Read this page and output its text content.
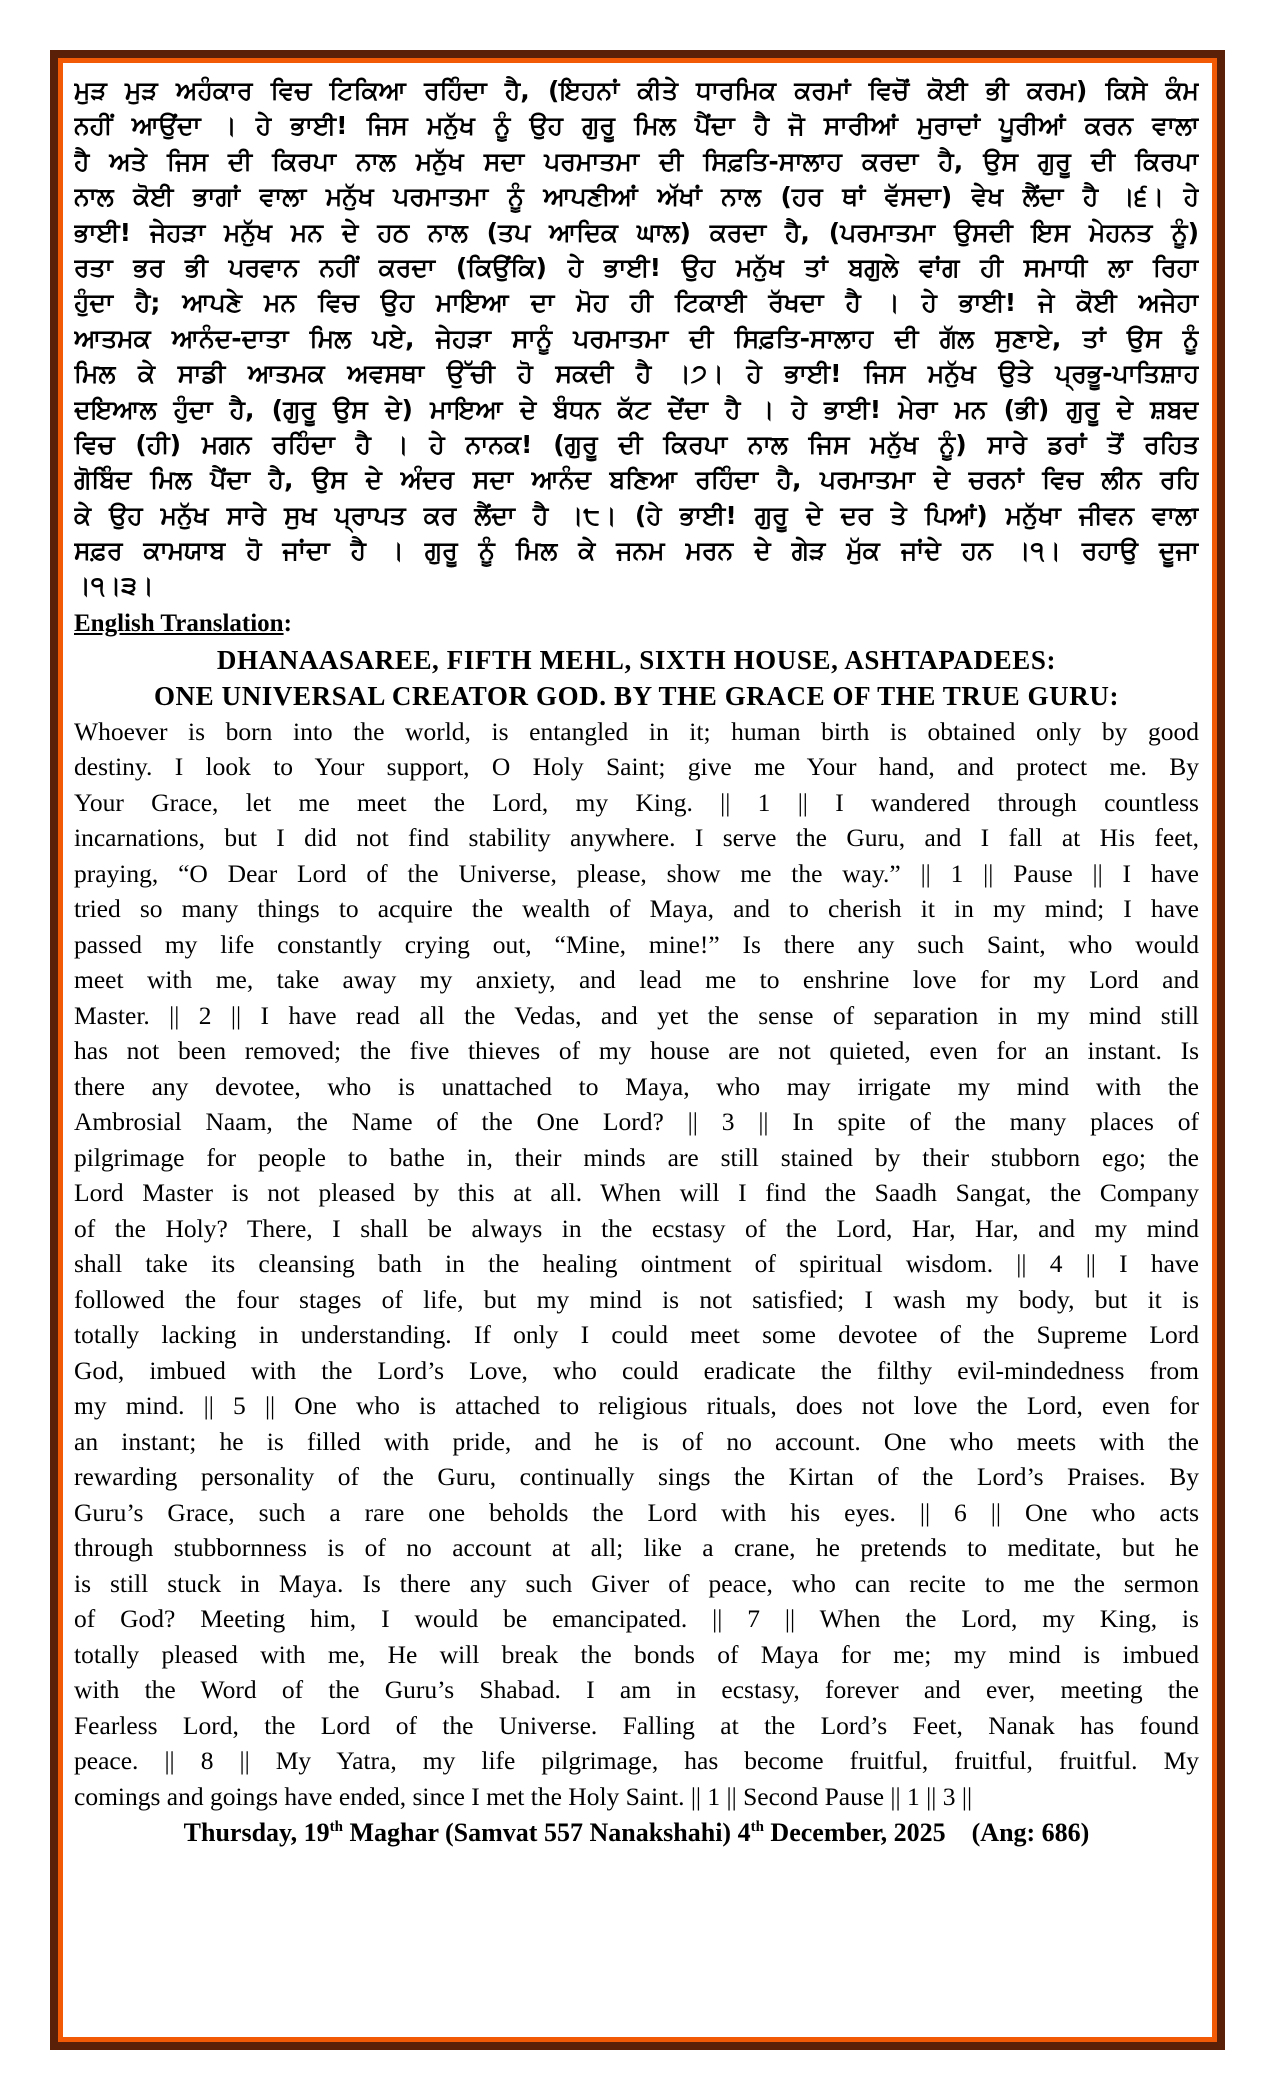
ਮੁੜ ਮੁੜ ਅਹੰਕਾਰ ਵਿਚ ਟਿਕਿਆ ਰਹਿੰਦਾ ਹੈ, (ਇਹਨਾਂ ਕੀਤੇ ਧਾਰਮਿਕ ਕਰਮਾਂ ਵਿਚੋਂ ਕੋਈ ਭੀ ਕਰਮ) ਕਿਸੇ ਕੰਮ
ਨਹੀਂ ਆਉਂਦਾ । ਹੇ ਭਾਈ! ਜਿਸ ਮਨੁੱਖ ਨੂੰ ਉਹ ਗੁਰੂ ਮਿਲ ਪੈਂਦਾ ਹੈ ਜੋ ਸਾਰੀਆਂ ਮੁਰਾਦਾਂ ਪੂਰੀਆਂ ਕਰਨ ਵਾਲਾ
ਹੈ ਅਤੇ ਜਿਸ ਦੀ ਕਿਰਪਾ ਨਾਲ ਮਨੁੱਖ ਸਦਾ ਪਰਮਾਤਮਾ ਦੀ ਸਿਫ਼ਤਿ-ਸਾਲਾਹ ਕਰਦਾ ਹੈ, ਉਸ ਗੁਰੂ ਦੀ ਕਿਰਪਾ
ਨਾਲ ਕੋਈ ਭਾਗਾਂ ਵਾਲਾ ਮਨੁੱਖ ਪਰਮਾਤਮਾ ਨੂੰ ਆਪਣੀਆਂ ਅੱਖਾਂ ਨਾਲ (ਹਰ ਥਾਂ ਵੱਸਦਾ) ਵੇਖ ਲੈਂਦਾ ਹੈ ।੬। ਹੇ
ਭਾਈ! ਜੇਹੜਾ ਮਨੁੱਖ ਮਨ ਦੇ ਹਠ ਨਾਲ (ਤਪ ਆਦਿਕ ਘਾਲ) ਕਰਦਾ ਹੈ, (ਪਰਮਾਤਮਾ ਉਸਦੀ ਇਸ ਮੇਹਨਤ ਨੂੰ)
ਰਤਾ ਭਰ ਭੀ ਪਰਵਾਨ ਨਹੀਂ ਕਰਦਾ (ਕਿਉਂਕਿ) ਹੇ ਭਾਈ! ਉਹ ਮਨੁੱਖ ਤਾਂ ਬਗੁਲੇ ਵਾਂਗ ਹੀ ਸਮਾਧੀ ਲਾ ਰਿਹਾ
ਹੁੰਦਾ ਹੈ; ਆਪਣੇ ਮਨ ਵਿਚ ਉਹ ਮਾਇਆ ਦਾ ਮੋਹ ਹੀ ਟਿਕਾਈ ਰੱਖਦਾ ਹੈ । ਹੇ ਭਾਈ! ਜੇ ਕੋਈ ਅਜੇਹਾ
ਆਤਮਕ ਆਨੰਦ-ਦਾਤਾ ਮਿਲ ਪਏ, ਜੇਹੜਾ ਸਾਨੂੰ ਪਰਮਾਤਮਾ ਦੀ ਸਿਫ਼ਤਿ-ਸਾਲਾਹ ਦੀ ਗੱਲ ਸੁਣਾਏ, ਤਾਂ ਉਸ ਨੂੰ
ਮਿਲ ਕੇ ਸਾਡੀ ਆਤਮਕ ਅਵਸਥਾ ਉੱਚੀ ਹੋ ਸਕਦੀ ਹੈ ।੭। ਹੇ ਭਾਈ! ਜਿਸ ਮਨੁੱਖ ਉਤੇ ਪ੍ਰਭੂ-ਪਾਤਿਸ਼ਾਹ
ਦਇਆਲ ਹੁੰਦਾ ਹੈ, (ਗੁਰੂ ਉਸ ਦੇ) ਮਾਇਆ ਦੇ ਬੰਧਨ ਕੱਟ ਦੇਂਦਾ ਹੈ । ਹੇ ਭਾਈ! ਮੇਰਾ ਮਨ (ਭੀ) ਗੁਰੂ ਦੇ ਸ਼ਬਦ
ਵਿਚ (ਹੀ) ਮਗਨ ਰਹਿੰਦਾ ਹੈ । ਹੇ ਨਾਨਕ! (ਗੁਰੂ ਦੀ ਕਿਰਪਾ ਨਾਲ ਜਿਸ ਮਨੁੱਖ ਨੂੰ) ਸਾਰੇ ਡਰਾਂ ਤੋਂ ਰਹਿਤ
ਗੋਬਿੰਦ ਮਿਲ ਪੈਂਦਾ ਹੈ, ਉਸ ਦੇ ਅੰਦਰ ਸਦਾ ਆਨੰਦ ਬਣਿਆ ਰਹਿੰਦਾ ਹੈ, ਪਰਮਾਤਮਾ ਦੇ ਚਰਨਾਂ ਵਿਚ ਲੀਨ ਰਹਿ
ਕੇ ਉਹ ਮਨੁੱਖ ਸਾਰੇ ਸੁਖ ਪ੍ਰਾਪਤ ਕਰ ਲੈਂਦਾ ਹੈ ।੮। (ਹੇ ਭਾਈ! ਗੁਰੂ ਦੇ ਦਰ ਤੇ ਪਿਆਂ) ਮਨੁੱਖਾ ਜੀਵਨ ਵਾਲਾ
ਸਫ਼ਰ ਕਾਮਯਾਬ ਹੋ ਜਾਂਦਾ ਹੈ । ਗੁਰੂ ਨੂੰ ਮਿਲ ਕੇ ਜਨਮ ਮਰਨ ਦੇ ਗੇੜ ਮੁੱਕ ਜਾਂਦੇ ਹਨ ।੧। ਰਹਾਉ ਦੂਜਾ
।੧।੩।
English Translation:
DHANAASAREE, FIFTH MEHL, SIXTH HOUSE, ASHTAPADEES:
ONE UNIVERSAL CREATOR GOD. BY THE GRACE OF THE TRUE GURU:
Whoever is born into the world, is entangled in it; human birth is obtained only by good
destiny. I look to Your support, O Holy Saint; give me Your hand, and protect me. By
Your Grace, let me meet the Lord, my King. || 1 || I wandered through countless
incarnations, but I did not find stability anywhere. I serve the Guru, and I fall at His feet,
praying, “O Dear Lord of the Universe, please, show me the way.” || 1 || Pause || I have
tried so many things to acquire the wealth of Maya, and to cherish it in my mind; I have
passed my life constantly crying out, “Mine, mine!” Is there any such Saint, who would
meet with me, take away my anxiety, and lead me to enshrine love for my Lord and
Master. || 2 || I have read all the Vedas, and yet the sense of separation in my mind still
has not been removed; the five thieves of my house are not quieted, even for an instant. Is
there any devotee, who is unattached to Maya, who may irrigate my mind with the
Ambrosial Naam, the Name of the One Lord? || 3 || In spite of the many places of
pilgrimage for people to bathe in, their minds are still stained by their stubborn ego; the
Lord Master is not pleased by this at all. When will I find the Saadh Sangat, the Company
of the Holy? There, I shall be always in the ecstasy of the Lord, Har, Har, and my mind
shall take its cleansing bath in the healing ointment of spiritual wisdom. || 4 || I have
followed the four stages of life, but my mind is not satisfied; I wash my body, but it is
totally lacking in understanding. If only I could meet some devotee of the Supreme Lord
God, imbued with the Lord’s Love, who could eradicate the filthy evil-mindedness from
my mind. || 5 || One who is attached to religious rituals, does not love the Lord, even for
an instant; he is filled with pride, and he is of no account. One who meets with the
rewarding personality of the Guru, continually sings the Kirtan of the Lord’s Praises. By
Guru’s Grace, such a rare one beholds the Lord with his eyes. || 6 || One who acts
through stubbornness is of no account at all; like a crane, he pretends to meditate, but he
is still stuck in Maya. Is there any such Giver of peace, who can recite to me the sermon
of God? Meeting him, I would be emancipated. || 7 || When the Lord, my King, is
totally pleased with me, He will break the bonds of Maya for me; my mind is imbued
with the Word of the Guru’s Shabad. I am in ecstasy, forever and ever, meeting the
Fearless Lord, the Lord of the Universe. Falling at the Lord’s Feet, Nanak has found
peace. || 8 || My Yatra, my life pilgrimage, has become fruitful, fruitful, fruitful. My
comings and goings have ended, since I met the Holy Saint. || 1 || Second Pause || 1 || 3 ||
Thursday, 19th Maghar (Samvat 557 Nanakshahi) 4th December, 2025    (Ang: 686)
